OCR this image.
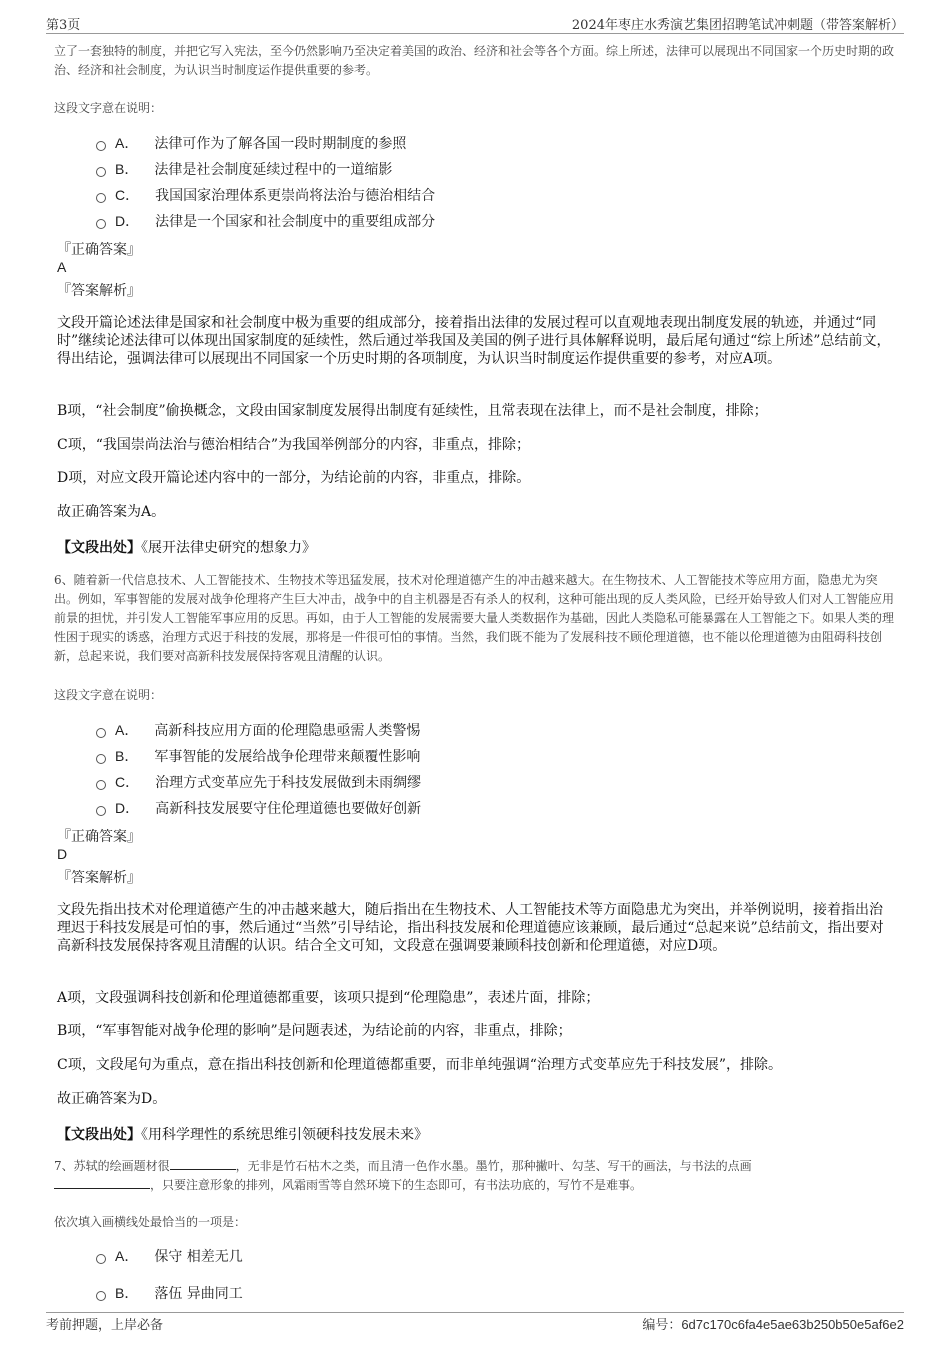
第3页	2024年枣庄水秀演艺集团招聘笔试冲刺题（带答案解析）
立了一套独特的制度，并把它写入宪法，至今仍然影响乃至决定着美国的政治、经济和社会等各个方面。综上所述，法律可以展现出不同国家一个历史时期的政治、经济和社会制度，为认识当时制度运作提供重要的参考。
这段文字意在说明：
A． 法律可作为了解各国一段时期制度的参照
B． 法律是社会制度延续过程中的一道缩影
C． 我国国家治理体系更崇尚将法治与德治相结合
D． 法律是一个国家和社会制度中的重要组成部分
『正确答案』
A
『答案解析』
文段开篇论述法律是国家和社会制度中极为重要的组成部分，接着指出法律的发展过程可以直观地表现出制度发展的轨迹，并通过“同时”继续论述法律可以体现出国家制度的延续性，然后通过举我国及美国的例子进行具体解释说明，最后尾句通过“综上所述”总结前文，得出结论，强调法律可以展现出不同国家一个历史时期的各项制度，为认识当时制度运作提供重要的参考，对应A项。
B项，“社会制度”偷换概念，文段由国家制度发展得出制度有延续性，且常表现在法律上，而不是社会制度，排除；
C项，“我国崇尚法治与德治相结合”为我国举例部分的内容，非重点，排除；
D项，对应文段开篇论述内容中的一部分，为结论前的内容，非重点，排除。
故正确答案为A。
【文段出处】《展开法律史研究的想象力》
6、随着新一代信息技术、人工智能技术、生物技术等迅猛发展，技术对伦理道德产生的冲击越来越大。在生物技术、人工智能技术等应用方面，隐患尤为突出。例如，军事智能的发展对战争伦理将产生巨大冲击，战争中的自主机器是否有杀人的权利，这种可能出现的反人类风险，已经开始导致人们对人工智能应用前景的担忧，并引发人工智能军事应用的反思。再如，由于人工智能的发展需要大量人类数据作为基础，因此人类隐私可能暴露在人工智能之下。如果人类的理性困于现实的诱惑，治理方式迟于科技的发展，那将是一件很可怕的事情。当然，我们既不能为了发展科技不顾伦理道德，也不能以伦理道德为由阻碍科技创新，总起来说，我们要对高新科技发展保持客观且清醒的认识。
这段文字意在说明：
A． 高新科技应用方面的伦理隐患亟需人类警惕
B． 军事智能的发展给战争伦理带来颠覆性影响
C． 治理方式变革应先于科技发展做到未雨绸缪
D． 高新科技发展要守住伦理道德也要做好创新
『正确答案』
D
『答案解析』
文段先指出技术对伦理道德产生的冲击越来越大，随后指出在生物技术、人工智能技术等方面隐患尤为突出，并举例说明，接着指出治理迟于科技发展是可怕的事，然后通过“当然”引导结论，指出科技发展和伦理道德应该兼顾，最后通过“总起来说”总结前文，指出要对高新科技发展保持客观且清醒的认识。结合全文可知，文段意在强调要兼顾科技创新和伦理道德，对应D项。
A项，文段强调科技创新和伦理道德都重要，该项只提到“伦理隐患”，表述片面，排除；
B项，“军事智能对战争伦理的影响”是问题表述，为结论前的内容，非重点，排除；
C项，文段尾句为重点，意在指出科技创新和伦理道德都重要，而非单纯强调“治理方式变革应先于科技发展”，排除。
故正确答案为D。
【文段出处】《用科学理性的系统思维引领硬科技发展未来》
7、苏轼的绘画题材很	，无非是竹石枯木之类，而且清一色作水墨。墨竹，那种撇叶、勾茎、写干的画法，与书法的点画
，只要注意形象的排列，风霜雨雪等自然环境下的生态即可，有书法功底的，写竹不是难事。
依次填入画横线处最恰当的一项是：
A． 保守 相差无几
B． 落伍 异曲同工
考前押题，上岸必备	编号：6d7c170c6fa4e5ae63b250b50e5af6e2
